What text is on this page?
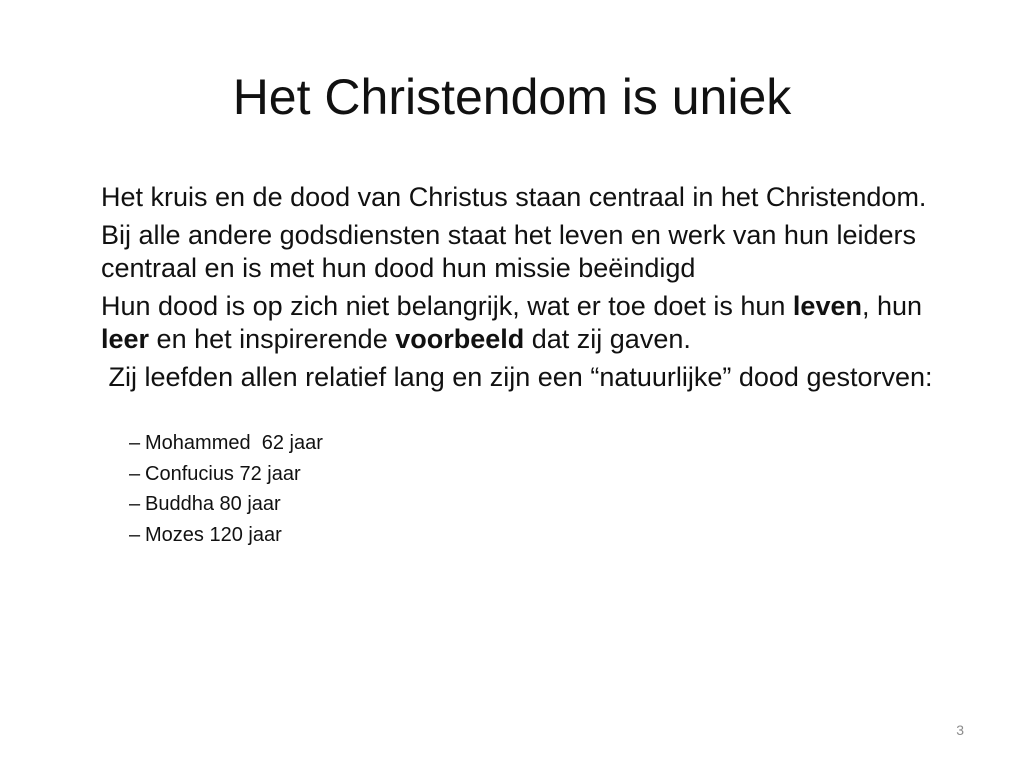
Het Christendom is uniek

Het kruis en de dood van Christus staan centraal in het Christendom.

Bij alle andere godsdiensten staat het leven en werk van hun leiders centraal en is met hun dood hun missie beëindigd

Hun dood is op zich niet belangrijk, wat er toe doet is hun leven, hun leer en het inspirerende voorbeeld dat zij gaven.

Zij leefden allen relatief lang en zijn een “natuurlijke” dood gestorven:

– Mohammed  62 jaar
– Confucius 72 jaar
– Buddha 80 jaar
– Mozes 120 jaar
3
